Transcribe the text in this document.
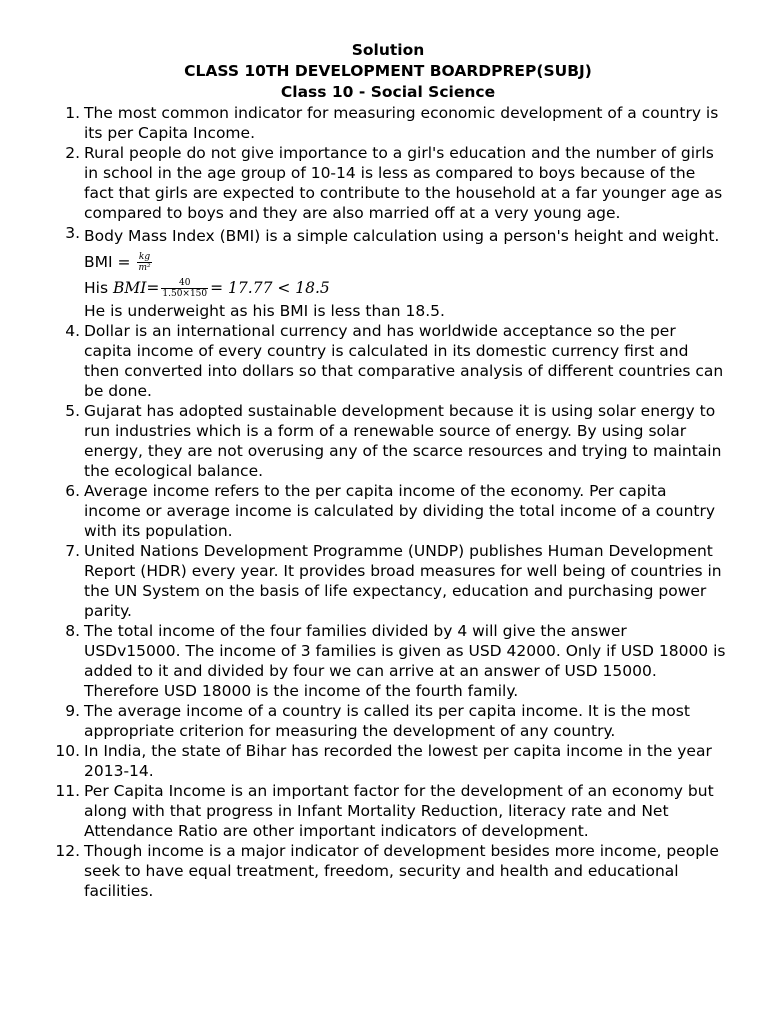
Solution
CLASS 10TH DEVELOPMENT BOARDPREP(SUBJ)
Class 10 - Social Science
1. The most common indicator for measuring economic development of a country is its per Capita Income.
2. Rural people do not give importance to a girl's education and the number of girls in school in the age group of 10-14 is less as compared to boys because of the fact that girls are expected to contribute to the household at a far younger age as compared to boys and they are also married off at a very young age.
3. Body Mass Index (BMI) is a simple calculation using a person's height and weight. BMI = $\frac{kg}{\text{m²}}$
His $BMI= \frac{40}{1.50\times 150} = 17.77 < 18.5$
He is underweight as his BMI is less than 18.5.
4. Dollar is an international currency and has worldwide acceptance so the per capita income of every country is calculated in its domestic currency first and then converted into dollars so that comparative analysis of different countries can be done.
5. Gujarat has adopted sustainable development because it is using solar energy to run industries which is a form of a renewable source of energy. By using solar energy, they are not overusing any of the scarce resources and trying to maintain the ecological balance.
6. Average income refers to the per capita income of the economy. Per capita income or average income is calculated by dividing the total income of a country with its population.
7. United Nations Development Programme (UNDP) publishes Human Development Report (HDR) every year. It provides broad measures for well being of countries in the UN System on the basis of life expectancy, education and purchasing power parity.
8. The total income of the four families divided by 4 will give the answer USDv15000. The income of 3 families is given as USD 42000. Only if USD 18000 is added to it and divided by four we can arrive at an answer of USD 15000. Therefore USD 18000 is the income of the fourth family.
9. The average income of a country is called its per capita income. It is the most appropriate criterion for measuring the development of any country.
10. In India, the state of Bihar has recorded the lowest per capita income in the year 2013-14.
11. Per Capita Income is an important factor for the development of an economy but along with that progress in Infant Mortality Reduction, literacy rate and Net Attendance Ratio are other important indicators of development.
12. Though income is a major indicator of development besides more income, people seek to have equal treatment, freedom, security and health and educational facilities.
